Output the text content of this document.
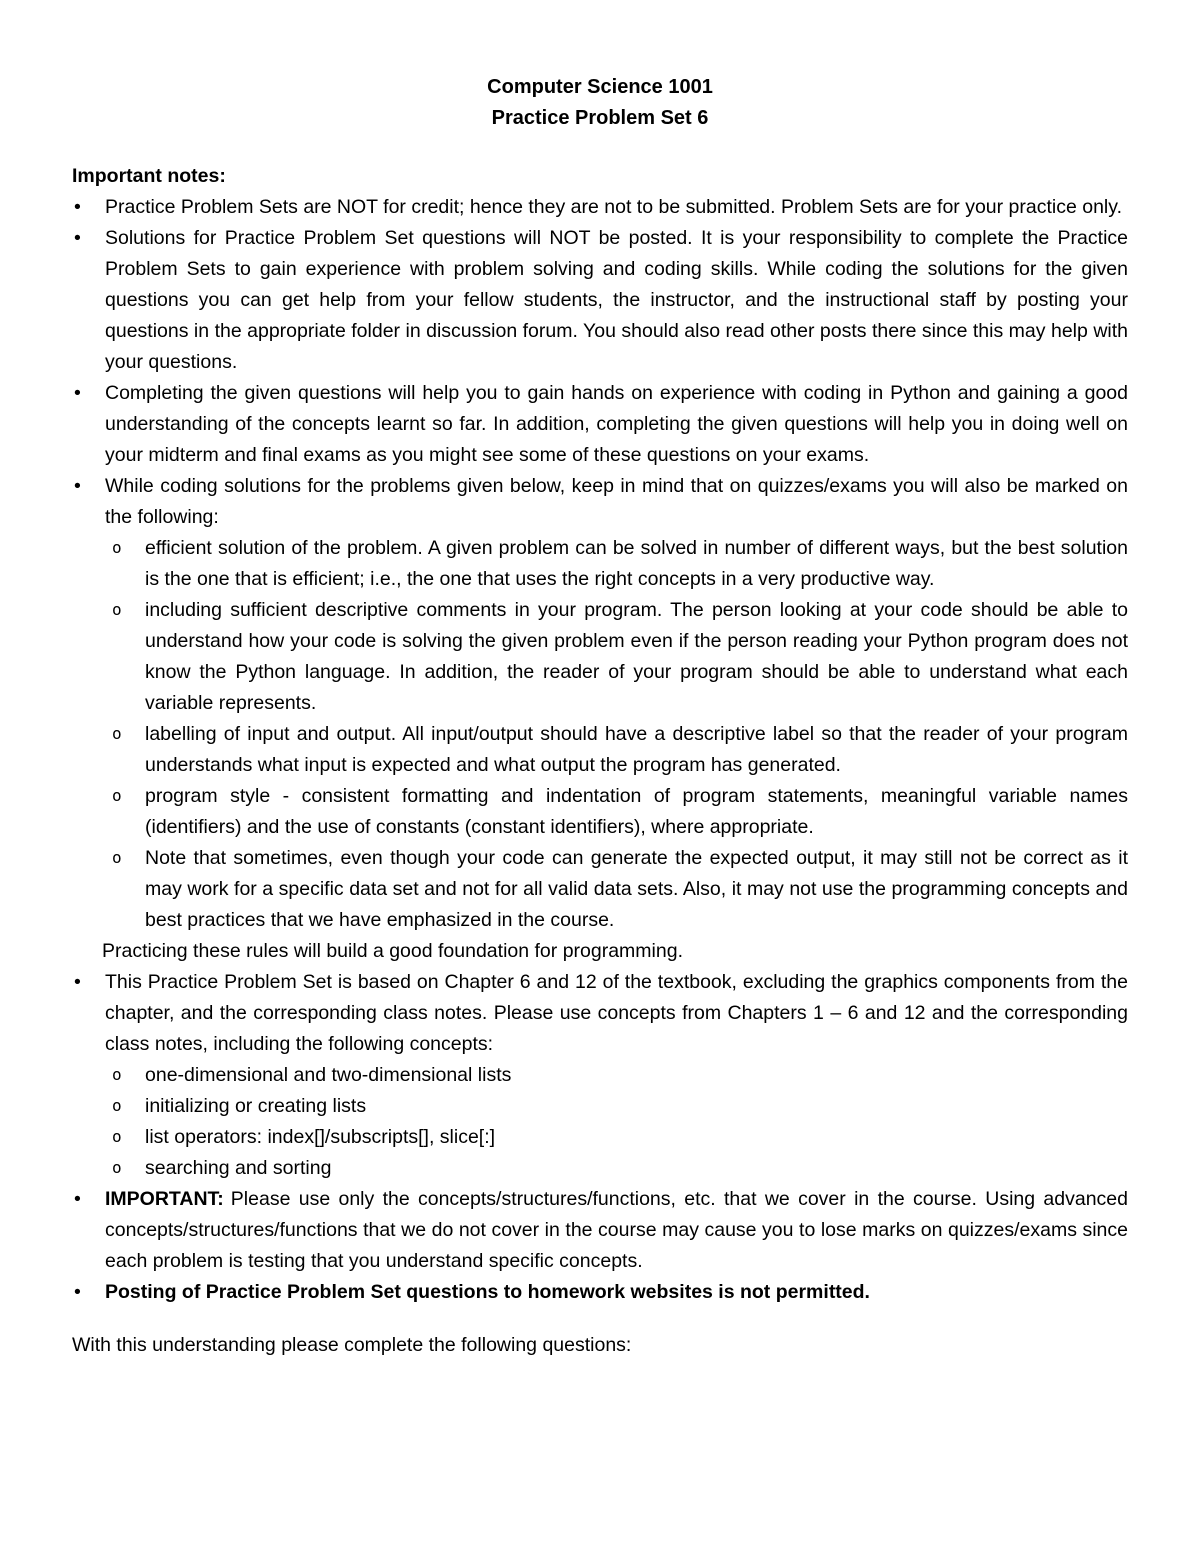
Computer Science 1001
Practice Problem Set 6
Important notes:
• Practice Problem Sets are NOT for credit; hence they are not to be submitted. Problem Sets are for your practice only.
• Solutions for Practice Problem Set questions will NOT be posted. It is your responsibility to complete the Practice Problem Sets to gain experience with problem solving and coding skills. While coding the solutions for the given questions you can get help from your fellow students, the instructor, and the instructional staff by posting your questions in the appropriate folder in discussion forum. You should also read other posts there since this may help with your questions.
• Completing the given questions will help you to gain hands on experience with coding in Python and gaining a good understanding of the concepts learnt so far. In addition, completing the given questions will help you in doing well on your midterm and final exams as you might see some of these questions on your exams.
• While coding solutions for the problems given below, keep in mind that on quizzes/exams you will also be marked on the following:
o efficient solution of the problem. A given problem can be solved in number of different ways, but the best solution is the one that is efficient; i.e., the one that uses the right concepts in a very productive way.
o including sufficient descriptive comments in your program. The person looking at your code should be able to understand how your code is solving the given problem even if the person reading your Python program does not know the Python language. In addition, the reader of your program should be able to understand what each variable represents.
o labelling of input and output. All input/output should have a descriptive label so that the reader of your program understands what input is expected and what output the program has generated.
o program style - consistent formatting and indentation of program statements, meaningful variable names (identifiers) and the use of constants (constant identifiers), where appropriate.
o Note that sometimes, even though your code can generate the expected output, it may still not be correct as it may work for a specific data set and not for all valid data sets. Also, it may not use the programming concepts and best practices that we have emphasized in the course.
Practicing these rules will build a good foundation for programming.
• This Practice Problem Set is based on Chapter 6 and 12 of the textbook, excluding the graphics components from the chapter, and the corresponding class notes. Please use concepts from Chapters 1 – 6 and 12 and the corresponding class notes, including the following concepts:
o one-dimensional and two-dimensional lists
o initializing or creating lists
o list operators: index[]/subscripts[], slice[:]
o searching and sorting
• IMPORTANT: Please use only the concepts/structures/functions, etc. that we cover in the course. Using advanced concepts/structures/functions that we do not cover in the course may cause you to lose marks on quizzes/exams since each problem is testing that you understand specific concepts.
• Posting of Practice Problem Set questions to homework websites is not permitted.
With this understanding please complete the following questions:
